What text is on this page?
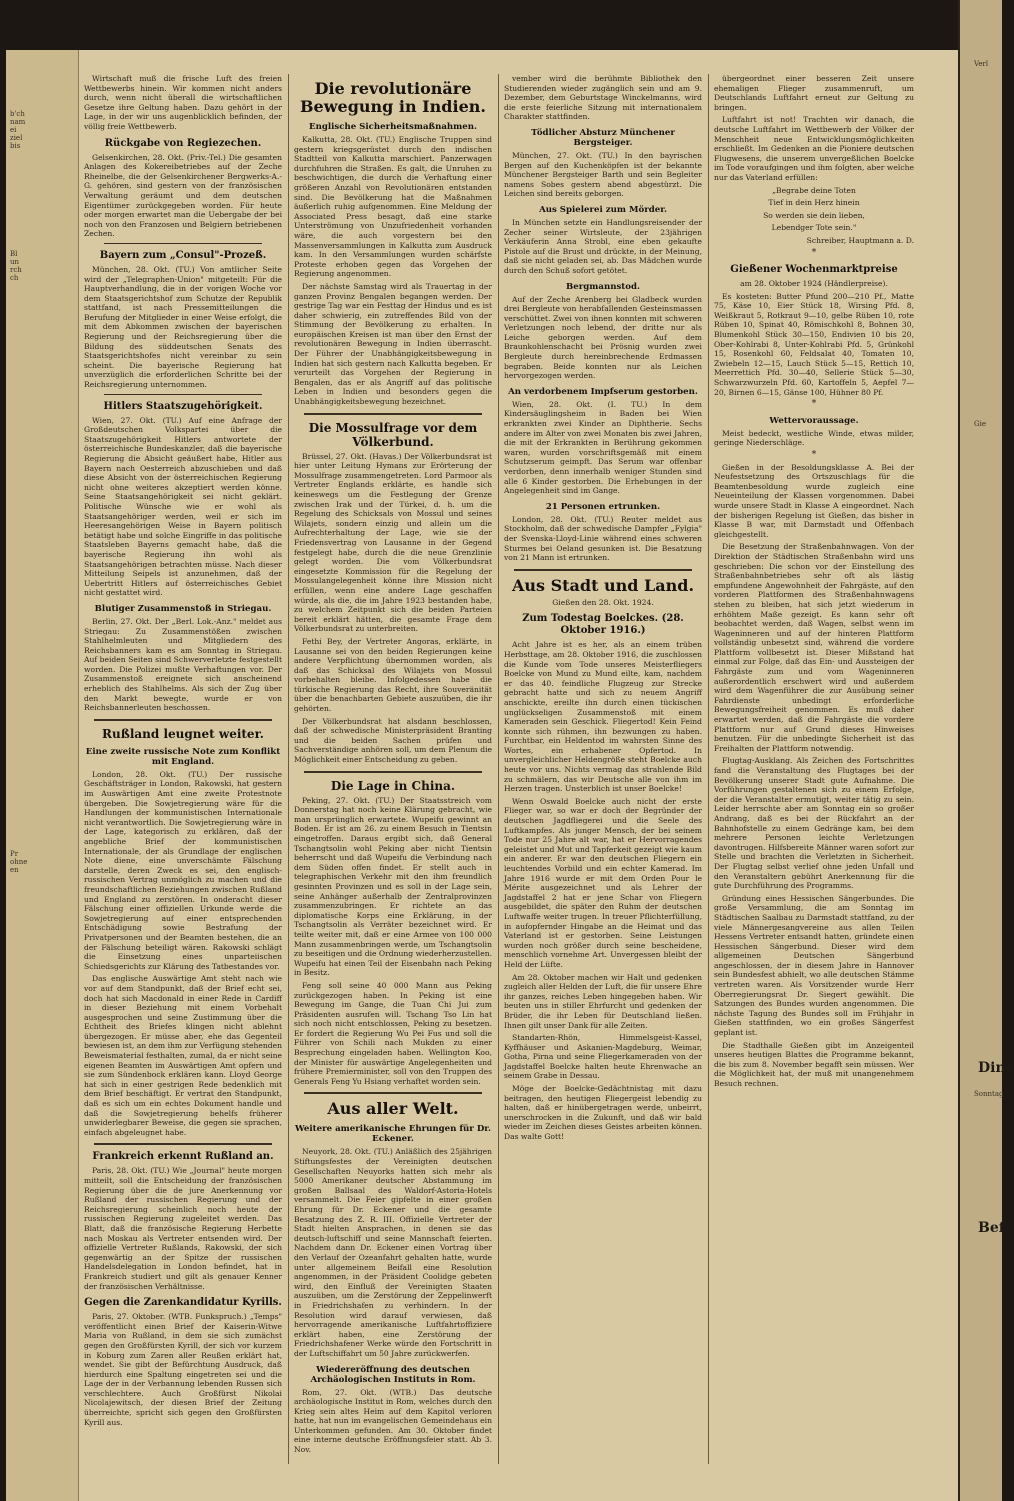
b'ch
nam
ei
ziel
bis
Bl
un
rch
ch
Pr
ohne
en

Wirtschaft muß die frische Luft des freien Wettbewerbs hinein. Wir kommen nicht anders durch, wenn nicht überall die wirtschaftlichen Gesetze ihre Geltung haben. Dazu gehört in der Lage, in der wir uns augenblicklich befinden, der völlig freie Wettbewerb.

Rückgabe von Regiezechen.

Gelsenkirchen, 28. Okt. (Priv.-Tel.) Die gesamten Anlagen des Kokereibetriebes auf der Zeche Rheinelbe, die der Gelsenkirchener Bergwerks-A.-G. gehören, sind gestern von der französischen Verwaltung geräumt und dem deutschen Eigentümer zurückgegeben worden. Für heute oder morgen erwartet man die Uebergabe der bei noch von den Franzosen und Belgiern betriebenen Zechen.

Bayern zum „Consul"-Prozeß.

München, 28. Okt. (TU.) Von amtlicher Seite wird der „Telegraphen-Union" mitgeteilt: Für die Hauptverhandlung, die in der vorigen Woche vor dem Staatsgerichtshof zum Schutze der Republik stattfand, ist nach Pressemitteilungen die Berufung der Mitglieder in einer Weise erfolgt, die mit dem Abkommen zwischen der bayerischen Regierung und der Reichsregierung über die Bildung des süddeutschen Senats des Staatsgerichtshofes nicht vereinbar zu sein scheint. Die bayerische Regierung hat unverzüglich die erforderlichen Schritte bei der Reichsregierung unternommen.

Hitlers Staatszugehörigkeit.

Wien, 27. Okt. (TU.) Auf eine Anfrage der Großdeutschen Volkspartei über die Staatszugehörigkeit Hitlers antwortete der österreichische Bundeskanzler, daß die bayerische Regierung die Absicht geäußert habe, Hitler aus Bayern nach Oesterreich abzuschieben und daß diese Absicht von der österreichischen Regierung nicht ohne weiteres akzeptiert werden könne. Seine Staatsangehörigkeit sei nicht geklärt. Politische Wünsche wie er wohl als Staatsangehöriger werden, weil er sich im Heeresangehörigen Weise in Bayern politisch betätigt habe und solche Eingriffe in das politische Staatsleben Bayerns gemacht habe, daß die bayerische Regierung ihn wohl als Staatsangehörigen betrachten müsse. Nach dieser Mitteilung Seipels ist anzunehmen, daß der Uebertritt Hitlers auf österreichisches Gebiet nicht gestattet wird.

Blutiger Zusammenstoß in Striegau.

Berlin, 27. Okt. Der „Berl. Lok.-Anz." meldet aus Striegau: Zu Zusammenstößen zwischen Stahlhelmleuten und Mitgliedern des Reichsbanners kam es am Sonntag in Striegau. Auf beiden Seiten sind Schwerverletzte festgestellt worden. Die Polizei mußte Verhaftungen vor. Der Zusammenstoß ereignete sich anscheinend erheblich des Stahlhelms. Als sich der Zug über den Markt bewegte, wurde er von Reichsbannerleuten beschossen.

Rußland leugnet weiter.
Eine zweite russische Note zum Konflikt mit England.

London, 28. Okt. (TU.) Der russische Geschäftsträger in London, Rakowski, hat gestern im Auswärtigen Amt eine zweite Protestnote übergeben. Die Sowjetregierung wäre für die Handlungen der kommunistischen Internationale nicht verantwortlich. Die Sowjetregierung wäre in der Lage, kategorisch zu erklären, daß der angebliche Brief der kommunistischen Internationale, der als Grundlage der englischen Note diene, eine unverschämte Fälschung darstelle, deren Zweck es sei, den englisch-russischen Vertrag unmöglich zu machen und die freundschaftlichen Beziehungen zwischen Rußland und England zu zerstören. In onderacht dieser Fälschung einer offiziellen Urkunde werde die Sowjetregierung auf einer entsprechenden Entschädigung sowie Bestrafung der Privatpersonen und der Beamten bestehen, die an der Fälschung beteiligt wären. Rakowski schlägt die Einsetzung eines unparteiischen Schiedsgerichts zur Klärung des Tatbestandes vor.

Das englische Auswärtige Amt steht nach wie vor auf dem Standpunkt, daß der Brief echt sei, doch hat sich Macdonald in einer Rede in Cardiff in dieser Beziehung mit einem Vorbehalt ausgesprochen und seine Zustimmung über die Echtheit des Briefes klingen nicht ablehnt übergezogen. Er müsse aber, ehe das Gegenteil bewiesen ist, an dem ihm zur Verfügung stehenden Beweismaterial festhalten, zumal, da er nicht seine eigenen Beamten im Auswärtigen Amt opfern und sie zum Sündenbock erklären kann. Lloyd George hat sich in einer gestrigen Rede bedenklich mit dem Brief beschäftigt. Er vertrat den Standpunkt, daß es sich um ein echtes Dokument handle und daß die Sowjetregierung behelfs früherer unwiderlegbarer Beweise, die gegen sie sprachen, einfach abgeleugnet habe.

Frankreich erkennt Rußland an.

Paris, 28. Okt. (TU.) Wie „Journal" heute morgen mitteilt, soll die Entscheidung der französischen Regierung über die de jure Anerkennung vor Rußland der russischen Regierung und der Reichsregierung scheinlich noch heute der russischen Regierung zugeleitet werden. Das Blatt, daß die französische Regierung Herbette nach Moskau als Vertreter entsenden wird. Der offizielle Vertreter Rußlands, Rakowski, der sich gegenwärtig an der Spitze der russischen Handelsdelegation in London befindet, hat in Frankreich studiert und gilt als genauer Kenner der französischen Verhältnisse.

Gegen die Zarenkandidatur Kyrills.

Paris, 27. Oktober. (WTB. Funkspruch.) „Temps" veröffentlicht einen Brief der Kaiserin-Witwe Maria von Rußland, in dem sie sich zumächst gegen den Großfürsten Kyrill, der sich vor kurzem in Koburg zum Zaren aller Reußen erklärt hat, wendet. Sie gibt der Befürchtung Ausdruck, daß hierdurch eine Spaltung eingetreten sei und die Lage der in der Verbannung lebenden Russen sich verschlechtere. Auch Großfürst Nikolai Nicolajewitsch, der diesen Brief der Zeitung überreichte, spricht sich gegen den Großfürsten Kyrill aus.

Die revolutionäre Bewegung in Indien.
Englische Sicherheitsmaßnahmen.

Kalkutta, 28. Okt. (TU.) Englische Truppen sind gestern kriegsgerüstet durch den indischen Stadtteil von Kalkutta marschiert. Panzerwagen durchfuhren die Straßen. Es galt, die Unruhen zu beschwichtigen, die durch die Verhaftung einer größeren Anzahl von Revolutionären entstanden sind. Die Bevölkerung hat die Maßnahmen äußerlich ruhig aufgenommen. Eine Meldung der Associated Press besagt, daß eine starke Unterströmung von Unzufriedenheit vorhanden wäre, die auch vorgestern bei den Massenversammlungen in Kalkutta zum Ausdruck kam. In den Versammlungen wurden schärfste Proteste erhoben gegen das Vorgehen der Regierung angenommen.

Der nächste Samstag wird als Trauertag in der ganzen Provinz Bengalen begangen werden. Der gestrige Tag war ein Festtag der Hindus und es ist daher schwierig, ein zutreffendes Bild von der Stimmung der Bevölkerung zu erhalten. In europäischen Kreisen ist man über den Ernst der revolutionären Bewegung in Indien überrascht. Der Führer der Unabhängigkeitsbewegung in Indien hat sich gestern nach Kalkutta begeben. Er verurteilt das Vorgehen der Regierung in Bengalen, das er als Angriff auf das politische Leben in Indien und besonders gegen die Unabhängigkeitsbewegung bezeichnet.

Die Mossulfrage vor dem Völkerbund.

Brüssel, 27. Okt. (Havas.) Der Völkerbundsrat ist hier unter Leitung Hymans zur Erörterung der Mossulfrage zusammengetreten. Lord Parmoor als Vertreter Englands erklärte, es handle sich keineswegs um die Festlegung der Grenze zwischen Irak und der Türkei, d. h. um die Regelung des Schicksals von Mossul und seines Wilajets, sondern einzig und allein um die Aufrechterhaltung der Lage, wie sie der Friedensvertrag von Lausanne in der Gegend festgelegt habe, durch die die neue Grenzlinie gelegt worden. Die vom Völkerbundsrat eingesetzte Kommission für die Regelung der Mossulangelegenheit könne ihre Mission nicht erfüllen, wenn eine andere Lage geschaffen würde, als die, die im Jahre 1923 bestanden habe, zu welchem Zeitpunkt sich die beiden Parteien bereit erklärt hätten, die gesamte Frage dem Völkerbundsrat zu unterbreiten.

Fethi Bey, der Vertreter Angoras, erklärte, in Lausanne sei von den beiden Regierungen keine andere Verpflichtung übernommen worden, als daß das Schicksal des Wilajets von Mossul vorbehalten bleibe. Infolgedessen habe die türkische Regierung das Recht, ihre Souveränität über die benachbarten Gebiete auszuüben, die ihr gehörten.

Der Völkerbundsrat hat alsdann beschlossen, daß der schwedische Ministerpräsident Branting und die beiden Sachen prüfen und Sachverständige anhören soll, um dem Plenum die Möglichkeit einer Entscheidung zu geben.

Die Lage in China.

Peking, 27. Okt. (TU.) Der Staatsstreich vom Donnerstag hat noch keine Klärung gebracht, wie man ursprünglich erwartete. Wupeifu gewinnt an Boden. Er ist am 26. zu einem Besuch in Tientsin eingetroffen. Daraus ergibt sich, daß General Tschangtsolin wohl Peking aber nicht Tientsin beherrscht und daß Wupeifu die Verbindung nach dem Süden offen findet. Er stellt auch in telegraphischen Verkehr mit den ihm freundlich gesinnten Provinzen und es soll in der Lage sein, seine Anhänger außerhalb der Zentralprovinzen zusammenzubringen. Er richtete an das diplomatische Korps eine Erklärung, in der Tschangtsolin als Verräter bezeichnet wird. Er teilte weiter mit, daß er eine Armee von 100 000 Mann zusammenbringen werde, um Tschangtsolin zu beseitigen und die Ordnung wiederherzustellen. Wupeifu hat einen Teil der Eisenbahn nach Peking in Besitz.

Feng soll seine 40 000 Mann aus Peking zurückgezogen haben. In Peking ist eine Bewegung im Gange, die Tuan Chi Jui zum Präsidenten ausrufen will. Tschang Tso Lin hat sich noch nicht entschlossen, Peking zu besetzen. Er fordert die Regierung Wu Pei Fus und soll die Führer von Schili nach Mukden zu einer Besprechung eingeladen haben. Wellington Koo, der Minister für auswärtige Angelegenheiten und frühere Premierminister, soll von den Truppen des Generals Feng Yu Hsiang verhaftet worden sein.

Aus aller Welt.
Weitere amerikanische Ehrungen für Dr. Eckener.

Neuyork, 28. Okt. (TU.) Anläßlich des 25jährigen Stiftungsfestes der Vereinigten deutschen Gesellschaften Neuyorks hatten sich mehr als 5000 Amerikaner deutscher Abstammung im großen Ballsaal des Waldorf-Astoria-Hotels versammelt. Die Feier gipfelte in einer großen Ehrung für Dr. Eckener und die gesamte Besatzung des Z. R. III. Offizielle Vertreter der Stadt hielten Ansprachen, in denen sie das deutsch-luftschiff und seine Mannschaft feierten. Nachdem dann Dr. Eckener einen Vortrag über den Verlauf der Ozeanfahrt gehalten hatte, wurde unter allgemeinem Beifall eine Resolution angenommen, in der Präsident Coolidge gebeten wird, den Einfluß der Vereinigten Staaten auszuüben, um die Zerstörung der Zeppelinwerft in Friedrichshafen zu verhindern. In der Resolution wird darauf verwiesen, daß hervorragende amerikanische Luftfahrtoffiziere erklärt haben, eine Zerstörung der Friedrichshafener Werke würde den Fortschritt in der Luftschiffahrt um 50 Jahre zurückwerfen.

Wiedereröffnung des deutschen Archäologischen Instituts in Rom.

Rom, 27. Okt. (WTB.) Das deutsche archäologische Institut in Rom, welches durch den Krieg sein altes Heim auf dem Kapitol verloren hatte, hat nun im evangelischen Gemeindehaus ein Unterkommen gefunden. Am 30. Oktober findet eine interne deutsche Eröffnungsfeier statt. Ab 3. Nov.

vember wird die berühmte Bibliothek den Studierenden wieder zugänglich sein und am 9. Dezember, dem Geburtstage Winckelmanns, wird die erste feierliche Sitzung mit internationalem Charakter stattfinden.

Tödlicher Absturz Münchener Bergsteiger.

München, 27. Okt. (TU.) In den bayrischen Bergen auf den Kuchenköpfen ist der bekannte Münchener Bergsteiger Barth und sein Begleiter namens Sobes gestern abend abgestürzt. Die Leichen sind bereits geborgen.

Aus Spielerei zum Mörder.

In München setzte ein Handlungsreisender der Zecher seiner Wirtsleute, der 23jährigen Verkäuferin Anna Strobl, eine eben gekaufte Pistole auf die Brust und drückte, in der Meinung, daß sie nicht geladen sei, ab. Das Mädchen wurde durch den Schuß sofort getötet.

Bergmannstod.

Auf der Zeche Arenberg bei Gladbeck wurden drei Bergleute von herabfallenden Gesteinsmassen verschüttet. Zwei von ihnen konnten mit schweren Verletzungen noch lebend, der dritte nur als Leiche geborgen werden. Auf dem Braunkohlenschacht bei Prösnig wurden zwei Bergleute durch hereinbrechende Erdmassen begraben. Beide konnten nur als Leichen hervorgezogen werden.

An verdorbenem Impfserum gestorben.

Wien, 28. Okt. (I. TU.) In dem Kindersäuglingsheim in Baden bei Wien erkrankten zwei Kinder an Diphtherie. Sechs andere im Alter von zwei Monaten bis zwei Jahren, die mit der Erkrankten in Berührung gekommen waren, wurden vorschriftsgemäß mit einem Schutzserum geimpft. Das Serum war offenbar verdorben, denn innerhalb weniger Stunden sind alle 6 Kinder gestorben. Die Erhebungen in der Angelegenheit sind im Gange.

21 Personen ertrunken.

London, 28. Okt. (TU.) Reuter meldet aus Stockholm, daß der schwedische Dampfer „Fylgia" der Svenska-Lloyd-Linie während eines schweren Sturmes bei Oeland gesunken ist. Die Besatzung von 21 Mann ist ertrunken.

Aus Stadt und Land.

Gießen den 28. Okt. 1924.

Zum Todestag Boelckes. (28. Oktober 1916.)

Acht Jahre ist es her, als an einem trüben Herbsttage, am 28. Oktober 1916, die zuschlossen die Kunde vom Tode unseres Meisterfliegers Boelcke von Mund zu Mund eilte, kam, nachdem er das 40. feindliche Flugzeug zur Strecke gebracht hatte und sich zu neuem Angriff anschickte, ereilte ihn durch einen tückischen unglückseligen Zusammenstoß mit einem Kameraden sein Geschick. Fliegertod! Kein Feind konnte sich rühmen, ihn bezwungen zu haben. Furchtbar, ein Heldentod im wahrsten Sinne des Wortes, ein erhabener Opfertod. In unvergleichlicher Heldengröße steht Boelcke auch heute vor uns. Nichts vermag das strahlende Bild zu schmälern, das wir Deutsche alle von ihm im Herzen tragen. Unsterblich ist unser Boelcke!

Wenn Oswald Boelcke auch nicht der erste Flieger war, so war er doch der Begründer der deutschen Jagdfliegerei und die Seele des Luftkampfes. Als junger Mensch, der bei seinem Tode nur 25 Jahre alt war, hat er Hervorragendes geleistet und Mut und Tapferkeit gezeigt wie kaum ein anderer. Er war den deutschen Fliegern ein leuchtendes Vorbild und ein echter Kamerad. Im Jahre 1916 wurde er mit dem Orden Pour le Mérite ausgezeichnet und als Lehrer der Jagdstaffel 2 hat er jene Schar von Fliegern ausgebildet, die später den Ruhm der deutschen Luftwaffe weiter trugen. In treuer Pflichterfüllung, in aufopfernder Hingabe an die Heimat und das Vaterland ist er gestorben. Seine Leistungen wurden noch größer durch seine bescheidene, menschlich vornehme Art. Unvergessen bleibt der Held der Lüfte.

Am 28. Oktober machen wir Halt und gedenken zugleich aller Helden der Luft, die für unsere Ehre ihr ganzes, reiches Leben hingegeben haben. Wir beuten uns in stiller Ehrfurcht und gedenken der Brüder, die ihr Leben für Deutschland ließen. Ihnen gilt unser Dank für alle Zeiten.

Standarten-Rhön, Himmelsgeist-Kassel, Kyffhäuser und Askanien-Magdeburg, Weimar, Gotha, Pirna und seine Fliegerkameraden von der Jagdstaffel Boelcke halten heute Ehrenwache an seinem Grabe in Dessau.

Möge der Boelcke-Gedächtnistag mit dazu beitragen, den heutigen Fliegergeist lebendig zu halten, daß er hinübergetragen werde, unbeirrt, unerschrocken in die Zukunft, und daß wir bald wieder im Zeichen dieses Geistes arbeiten können. Das walte Gott!

übergeordnet einer besseren Zeit unsere ehemaligen Flieger zusammenruft, um Deutschlands Luftfahrt erneut zur Geltung zu bringen.

Luftfahrt ist not! Trachten wir danach, die deutsche Luftfahrt im Wettbewerb der Völker der Menschheit neue Entwicklungsmöglichkeiten erschließt. Im Gedenken an die Pioniere deutschen Flugwesens, die unserem unvergeßlichen Boelcke im Tode voraufgingen und ihm folgten, aber welche nur das Vaterland erfüllen:

„Begrabe deine Toten

Tief in dein Herz hinein

So werden sie dein lieben,

Lebendger Tote sein."

Schreiber, Hauptmann a. D.

*
Gießener Wochenmarktpreise

am 28. Oktober 1924 (Händlerpreise).

Es kosteten: Butter Pfund 200—210 Pf., Matte 75, Käse 10, Eier Stück 18, Wirsing Pfd. 8, Weißkraut 5, Rotkraut 9—10, gelbe Rüben 10, rote Rüben 10, Spinat 40, Römischkohl 8, Bohnen 30, Blumenkohl Stück 30—150, Endivien 10 bis 20, Ober-Kohlrabi 8, Unter-Kohlrabi Pfd. 5, Grünkohl 15, Rosenkohl 60, Feldsalat 40, Tomaten 10, Zwiebeln 12—15, Lauch Stück 5—15, Rettich 10, Meerrettich Pfd. 30—40, Sellerie Stück 5—30, Schwarzwurzeln Pfd. 60, Kartoffeln 5, Aepfel 7—20, Birnen 6—15, Gänse 100, Hühner 80 Pf.

*
Wettervoraussage.

Meist bedeckt, westliche Winde, etwas milder, geringe Niederschläge.

*

Gießen in der Besoldungsklasse A. Bei der Neufestsetzung des Ortszuschlags für die Beamtenbesoldung wurde zugleich eine Neueinteilung der Klassen vorgenommen. Dabei wurde unsere Stadt in Klasse A eingeordnet. Nach der bisherigen Regelung ist Gießen, das bisher in Klasse B war, mit Darmstadt und Offenbach gleichgestellt.

Die Besetzung der Straßenbahnwagen. Von der Direktion der Städtischen Straßenbahn wird uns geschrieben: Die schon vor der Einstellung des Straßenbahnbetriebes sehr oft als lästig empfundene Angewohnheit der Fahrgäste, auf den vorderen Plattformen des Straßenbahnwagens stehen zu bleiben, hat sich jetzt wiederum in erhöhtem Maße gezeigt. Es kann sehr oft beobachtet werden, daß Wagen, selbst wenn im Wageninneren und auf der hinteren Plattform vollständig unbesetzt sind, während die vordere Plattform vollbesetzt ist. Dieser Mißstand hat einmal zur Folge, daß das Ein- und Aussteigen der Fahrgäste zum und vom Wageninneren außerordentlich erschwert wird und außerdem wird dem Wagenführer die zur Ausübung seiner Fahrdienste unbedingt erforderliche Bewegungsfreiheit genommen. Es muß daher erwartet werden, daß die Fahrgäste die vordere Plattform nur auf Grund dieses Hinweises benutzen. Für die unbedingte Sicherheit ist das Freihalten der Plattform notwendig.

Flugtag-Ausklang. Als Zeichen des Fortschrittes fand die Veranstaltung des Flugtages bei der Bevölkerung unserer Stadt gute Aufnahme. Die Vorführungen gestaltenen sich zu einem Erfolge, der die Veranstalter ermutigt, weiter tätig zu sein. Leider herrschte aber am Sonntag ein so großer Andrang, daß es bei der Rückfahrt an der Bahnhofstelle zu einem Gedränge kam, bei dem mehrere Personen leichte Verletzungen davontrugen. Hilfsbereite Männer waren sofort zur Stelle und brachten die Verletzten in Sicherheit. Der Flugtag selbst verlief ohne jeden Unfall und den Veranstaltern gebührt Anerkennung für die gute Durchführung des Programms.

Gründung eines Hessischen Sängerbundes. Die große Versammlung, die am Sonntag im Städtischen Saalbau zu Darmstadt stattfand, zu der viele Männergesangvereine aus allen Teilen Hessens Vertreter entsandt hatten, gründete einen Hessischen Sängerbund. Dieser wird dem allgemeinen Deutschen Sängerbund angeschlossen, der in diesem Jahre in Hannover sein Bundesfest abhielt, wo alle deutschen Stämme vertreten waren. Als Vorsitzender wurde Herr Oberregierungsrat Dr. Siegert gewählt. Die Satzungen des Bundes wurden angenommen. Die nächste Tagung des Bundes soll im Frühjahr in Gießen stattfinden, wo ein großes Sängerfest geplant ist.

Die Stadthalle Gießen gibt im Anzeigenteil unseres heutigen Blattes die Programme bekannt, die bis zum 8. November begafft sein müssen. Wer die Möglichkeit hat, der muß mit unangenehmem Besuch rechnen.

Verl
Gie
Dins
Sonntag
Bef
